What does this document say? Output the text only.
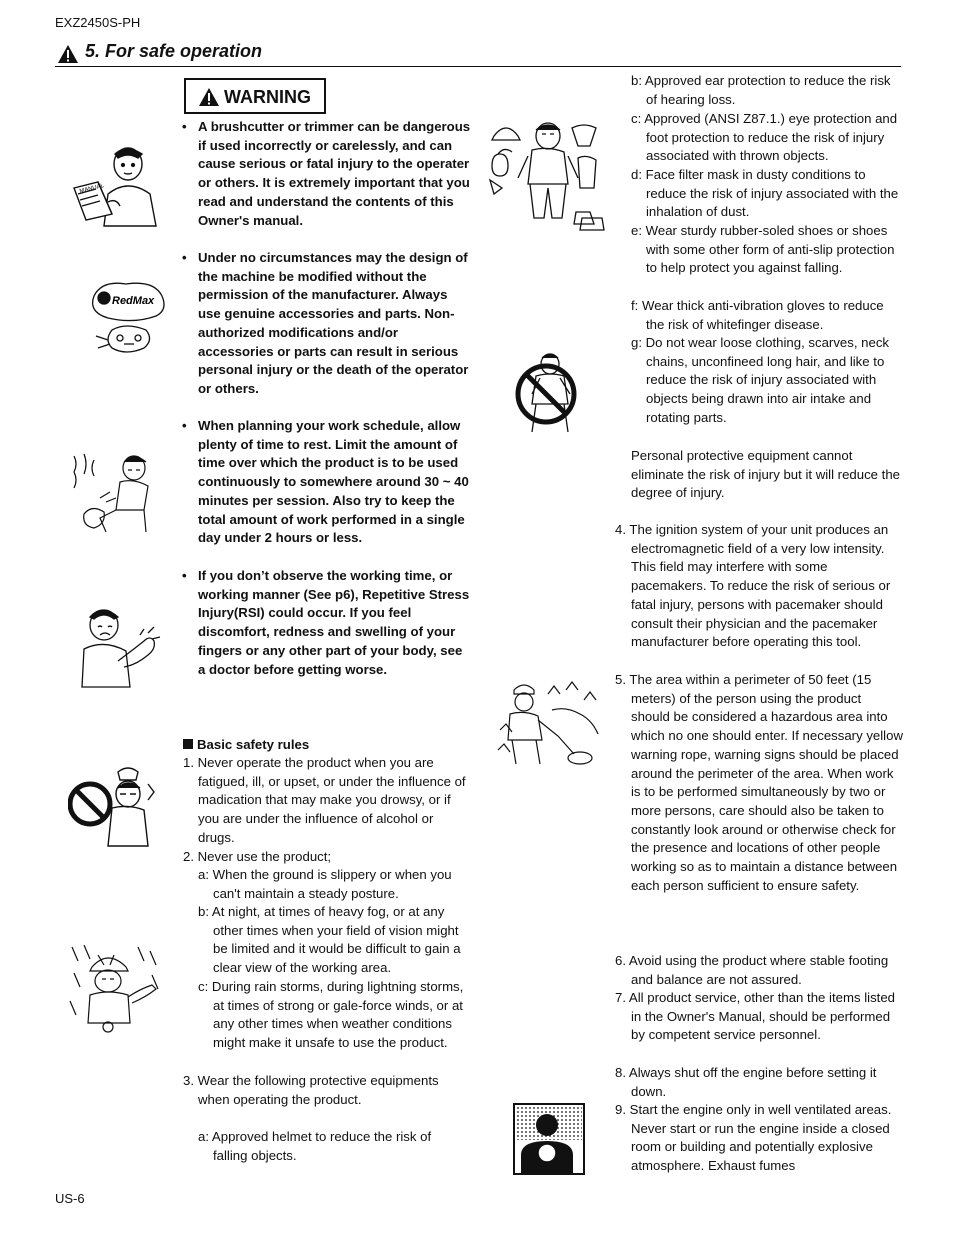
EXZ2450S-PH
5. For safe operation
WARNING
• A brushcutter or trimmer can be dangerous if used incorrectly or carelessly, and can cause serious or fatal injury to the operater or others. It is extremely important that you read and understand the contents of this Owner's manual.
• Under no circumstances may the design of the machine be modified without the permission of the manufacturer. Always use genuine accessories and parts. Non-authorized modifications and/or accessories or parts can result in serious personal injury or the death of the operator or others.
• When planning your work schedule, allow plenty of time to rest. Limit the amount of time over which the product is to be used continuously to somewhere around 30 ~ 40 minutes per session. Also try to keep the total amount of work performed in a single day under 2 hours or less.
• If you don’t observe the working time, or working manner (See p6), Repetitive Stress Injury(RSI) could occur. If you feel discomfort, redness and swelling of your fingers or any other part of your body, see a doctor before getting worse.
Basic safety rules
1. Never operate the product when you are fatigued, ill, or upset, or under the influence of madication that may make you drowsy, or if you are under the influence of alcohol or drugs.
2. Never use the product;
a: When the ground is slippery or when you can't maintain a steady posture.
b: At night, at times of heavy fog, or at any other times when your field of vision might be limited and it would be difficult to gain a clear view of the working area.
c: During rain storms, during lightning storms, at times of strong or gale-force winds, or at any other times when weather conditions might make it unsafe to use the product.
3. Wear the following protective equipments when operating the product.
a: Approved helmet to reduce the risk of falling objects.
b: Approved ear protection to reduce the risk of hearing loss.
c: Approved (ANSI Z87.1.) eye protection and foot protection to reduce the risk of injury associated with thrown objects.
d: Face filter mask in dusty conditions to reduce the risk of injury associated with the inhalation of dust.
e: Wear sturdy rubber-soled shoes or shoes with some other form of anti-slip protection to help protect you against falling.
f: Wear thick anti-vibration gloves to reduce the risk of whitefinger disease.
g: Do not wear loose clothing, scarves, neck chains, unconfineed long hair, and like to reduce the risk of injury associated with objects being drawn into air intake and rotating parts.
Personal protective equipment cannot eliminate the risk of injury but it will reduce the degree of injury.
4. The ignition system of your unit produces an electromagnetic field of a very low intensity. This field may interfere with some pacemakers. To reduce the risk of serious or fatal injury, persons with pacemaker should consult their physician and the pacemaker manufacturer before operating this tool.
5. The area within a perimeter of 50 feet (15 meters) of the person using the product should be considered a hazardous area into which no one should enter. If necessary yellow warning rope, warning signs should be placed around the perimeter of the area. When work is to be performed simultaneously by two or more persons, care should also be taken to constantly look around or otherwise check for the presence and locations of other people working so as to maintain a distance between each person sufficient to ensure safety.
6. Avoid using the product where stable footing and balance are not assured.
7. All product service, other than the items listed in the Owner's Manual, should be performed by competent service personnel.
8. Always shut off the engine before setting it down.
9. Start the engine only in well ventilated areas. Never start or run the engine inside a closed room or building and potentially explosive atmosphere. Exhaust fumes
US-6
MANUAL
RedMax
